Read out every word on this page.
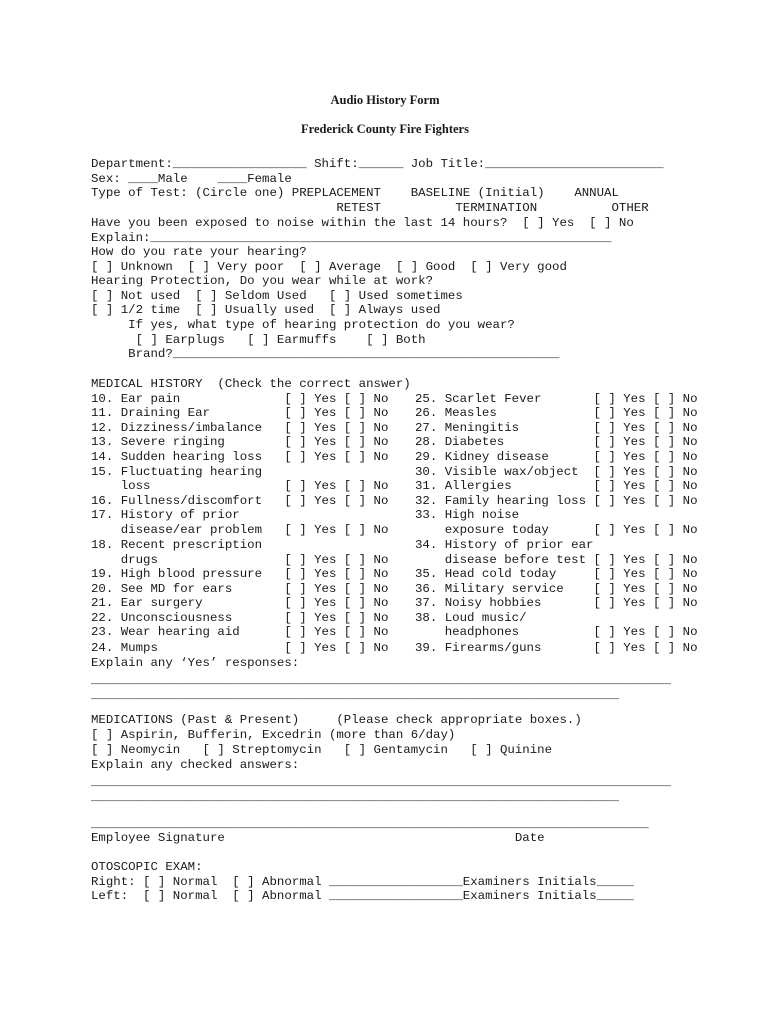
Audio History Form
Frederick County Fire Fighters
Department:__________________ Shift:______ Job Title:________________________
Sex: ____Male    ____Female
Type of Test: (Circle one) PREPLACEMENT    BASELINE (Initial)    ANNUAL
RETEST          TERMINATION          OTHER
Have you been exposed to noise within the last 14 hours?  [ ] Yes  [ ] No
Explain:______________________________________________________________
How do you rate your hearing?
[ ] Unknown  [ ] Very poor  [ ] Average  [ ] Good  [ ] Very good
Hearing Protection, Do you wear while at work?
[ ] Not used  [ ] Seldom Used   [ ] Used sometimes
[ ] 1/2 time  [ ] Usually used  [ ] Always used
If yes, what type of hearing protection do you wear?
[ ] Earplugs   [ ] Earmuffs    [ ] Both
Brand?____________________________________________________
MEDICAL HISTORY  (Check the correct answer)
10. Ear pain              [ ] Yes [ ] No
11. Draining Ear          [ ] Yes [ ] No
12. Dizziness/imbalance   [ ] Yes [ ] No
13. Severe ringing        [ ] Yes [ ] No
14. Sudden hearing loss   [ ] Yes [ ] No
15. Fluctuating hearing
loss                  [ ] Yes [ ] No
16. Fullness/discomfort   [ ] Yes [ ] No
17. History of prior
disease/ear problem   [ ] Yes [ ] No
18. Recent prescription
drugs                 [ ] Yes [ ] No
19. High blood pressure   [ ] Yes [ ] No
20. See MD for ears       [ ] Yes [ ] No
21. Ear surgery           [ ] Yes [ ] No
22. Unconsciousness       [ ] Yes [ ] No
23. Wear hearing aid      [ ] Yes [ ] No
24. Mumps                 [ ] Yes [ ] No
25. Scarlet Fever       [ ] Yes [ ] No
26. Measles             [ ] Yes [ ] No
27. Meningitis          [ ] Yes [ ] No
28. Diabetes            [ ] Yes [ ] No
29. Kidney disease      [ ] Yes [ ] No
30. Visible wax/object  [ ] Yes [ ] No
31. Allergies           [ ] Yes [ ] No
32. Family hearing loss [ ] Yes [ ] No
33. High noise
exposure today      [ ] Yes [ ] No
34. History of prior ear
disease before test [ ] Yes [ ] No
35. Head cold today     [ ] Yes [ ] No
36. Military service    [ ] Yes [ ] No
37. Noisy hobbies       [ ] Yes [ ] No
38. Loud music/
headphones          [ ] Yes [ ] No
39. Firearms/guns       [ ] Yes [ ] No
Explain any ‘Yes’ responses:
______________________________________________________________________________
_______________________________________________________________________
MEDICATIONS (Past & Present)     (Please check appropriate boxes.)
[ ] Aspirin, Bufferin, Excedrin (more than 6/day)
[ ] Neomycin   [ ] Streptomycin   [ ] Gentamycin   [ ] Quinine
Explain any checked answers:
______________________________________________________________________________
_______________________________________________________________________
___________________________________________________________________________
Employee Signature                                       Date
OTOSCOPIC EXAM:
Right: [ ] Normal  [ ] Abnormal __________________Examiners Initials_____
Left:  [ ] Normal  [ ] Abnormal __________________Examiners Initials_____
